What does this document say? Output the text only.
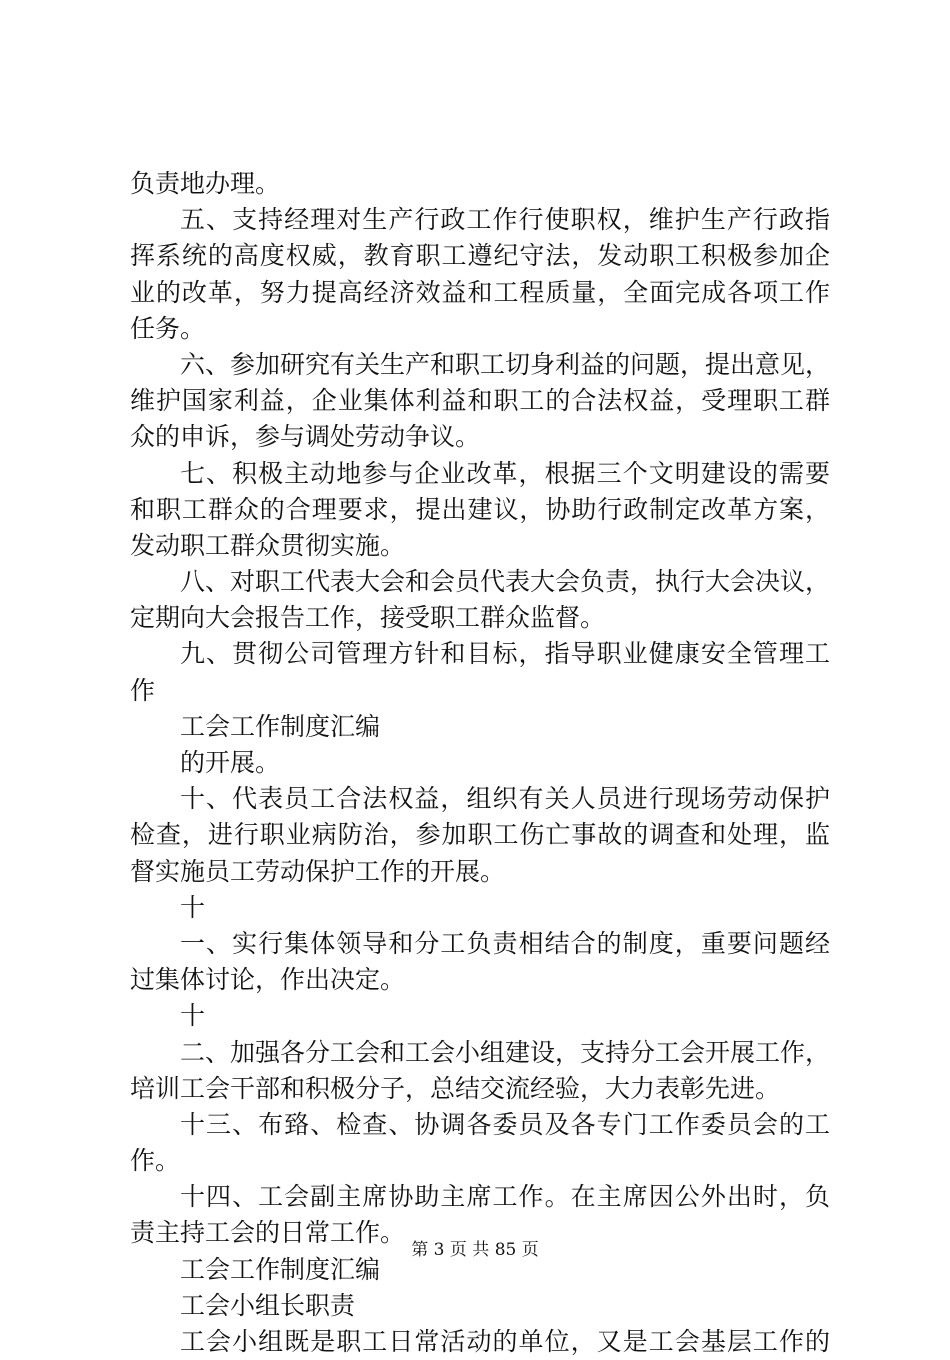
负责地办理。
五、支持经理对生产行政工作行使职权，维护生产行政指
挥系统的高度权威，教育职工遵纪守法，发动职工积极参加企
业的改革，努力提高经济效益和工程质量，全面完成各项工作
任务。
六、参加研究有关生产和职工切身利益的问题，提出意见，
维护国家利益，企业集体利益和职工的合法权益，受理职工群
众的申诉，参与调处劳动争议。
七、积极主动地参与企业改革，根据三个文明建设的需要
和职工群众的合理要求，提出建议，协助行政制定改革方案，
发动职工群众贯彻实施。
八、对职工代表大会和会员代表大会负责，执行大会决议，
定期向大会报告工作，接受职工群众监督。
九、贯彻公司管理方针和目标，指导职业健康安全管理工
作
工会工作制度汇编
的开展。
十、代表员工合法权益，组织有关人员进行现场劳动保护
检查，进行职业病防治，参加职工伤亡事故的调查和处理，监
督实施员工劳动保护工作的开展。
十
一、实行集体领导和分工负责相结合的制度，重要问题经
过集体讨论，作出决定。
十
二、加强各分工会和工会小组建设，支持分工会开展工作，
培训工会干部和积极分子，总结交流经验，大力表彰先进。
十三、布臵、检查、协调各委员及各专门工作委员会的工
作。
十四、工会副主席协助主席工作。在主席因公外出时，负
责主持工会的日常工作。
工会工作制度汇编
工会小组长职责
工会小组既是职工日常活动的单位，又是工会基层工作的
第 3 页 共 85 页
